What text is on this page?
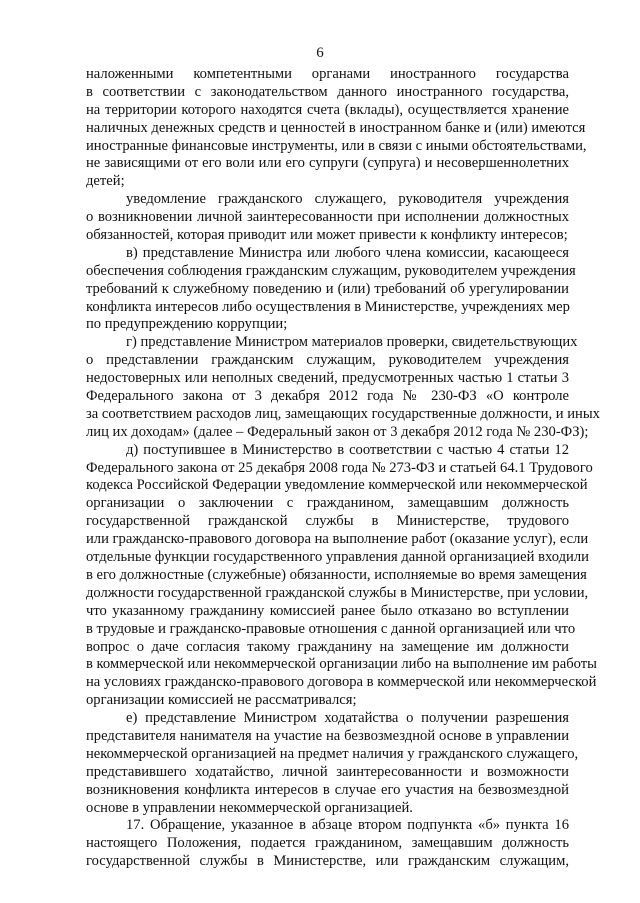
6
наложенными компетентными органами иностранного государства
в соответствии с законодательством данного иностранного государства,
на территории которого находятся счета (вклады), осуществляется хранение
наличных денежных средств и ценностей в иностранном банке и (или) имеются
иностранные финансовые инструменты, или в связи с иными обстоятельствами,
не зависящими от его воли или его супруги (супруга) и несовершеннолетних
детей;
уведомление гражданского служащего, руководителя учреждения
о возникновении личной заинтересованности при исполнении должностных
обязанностей, которая приводит или может привести к конфликту интересов;
в) представление Министра или любого члена комиссии, касающееся
обеспечения соблюдения гражданским служащим, руководителем учреждения
требований к служебному поведению и (или) требований об урегулировании
конфликта интересов либо осуществления в Министерстве, учреждениях мер
по предупреждению коррупции;
г) представление Министром материалов проверки, свидетельствующих
о представлении гражданским служащим, руководителем учреждения
недостоверных или неполных сведений, предусмотренных частью 1 статьи 3
Федерального закона от 3 декабря 2012 года № 230-ФЗ «О контроле
за соответствием расходов лиц, замещающих государственные должности, и иных
лиц их доходам» (далее – Федеральный закон от 3 декабря 2012 года № 230-ФЗ);
д) поступившее в Министерство в соответствии с частью 4 статьи 12
Федерального закона от 25 декабря 2008 года № 273-ФЗ и статьей 64.1 Трудового
кодекса Российской Федерации уведомление коммерческой или некоммерческой
организации о заключении с гражданином, замещавшим должность
государственной гражданской службы в Министерстве, трудового
или гражданско-правового договора на выполнение работ (оказание услуг), если
отдельные функции государственного управления данной организацией входили
в его должностные (служебные) обязанности, исполняемые во время замещения
должности государственной гражданской службы в Министерстве, при условии,
что указанному гражданину комиссией ранее было отказано во вступлении
в трудовые и гражданско-правовые отношения с данной организацией или что
вопрос о даче согласия такому гражданину на замещение им должности
в коммерческой или некоммерческой организации либо на выполнение им работы
на условиях гражданско-правового договора в коммерческой или некоммерческой
организации комиссией не рассматривался;
е) представление Министром ходатайства о получении разрешения
представителя нанимателя на участие на безвозмездной основе в управлении
некоммерческой организацией на предмет наличия у гражданского служащего,
представившего ходатайство, личной заинтересованности и возможности
возникновения конфликта интересов в случае его участия на безвозмездной
основе в управлении некоммерческой организацией.
17. Обращение, указанное в абзаце втором подпункта «б» пункта 16
настоящего Положения, подается гражданином, замещавшим должность
государственной службы в Министерстве, или гражданским служащим,
